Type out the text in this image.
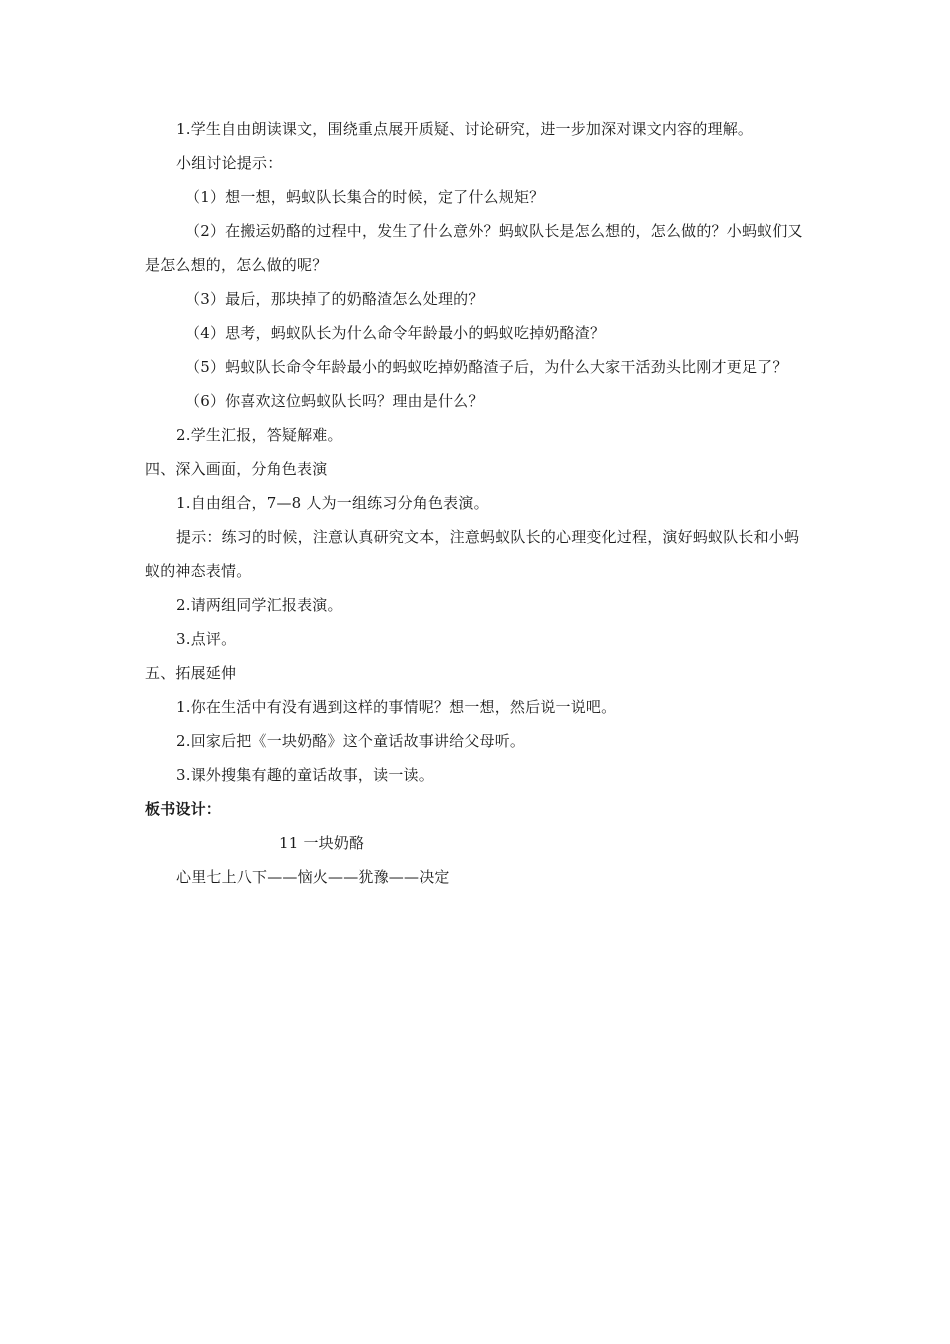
1.学生自由朗读课文，围绕重点展开质疑、讨论研究，进一步加深对课文内容的理解。

小组讨论提示：

（1）想一想，蚂蚁队长集合的时候，定了什么规矩？

（2）在搬运奶酪的过程中，发生了什么意外？蚂蚁队长是怎么想的，怎么做的？小蚂蚁们又是怎么想的，怎么做的呢？

（3）最后，那块掉了的奶酪渣怎么处理的？

（4）思考，蚂蚁队长为什么命令年龄最小的蚂蚁吃掉奶酪渣？

（5）蚂蚁队长命令年龄最小的蚂蚁吃掉奶酪渣子后，为什么大家干活劲头比刚才更足了？

（6）你喜欢这位蚂蚁队长吗？理由是什么？

2.学生汇报，答疑解难。

四、深入画面，分角色表演

1.自由组合，7—8 人为一组练习分角色表演。

提示：练习的时候，注意认真研究文本，注意蚂蚁队长的心理变化过程，演好蚂蚁队长和小蚂蚁的神态表情。

2.请两组同学汇报表演。

3.点评。

五、拓展延伸

1.你在生活中有没有遇到这样的事情呢？想一想，然后说一说吧。

2.回家后把《一块奶酪》这个童话故事讲给父母听。

3.课外搜集有趣的童话故事，读一读。

板书设计：

11 一块奶酪

心里七上八下——恼火——犹豫——决定
